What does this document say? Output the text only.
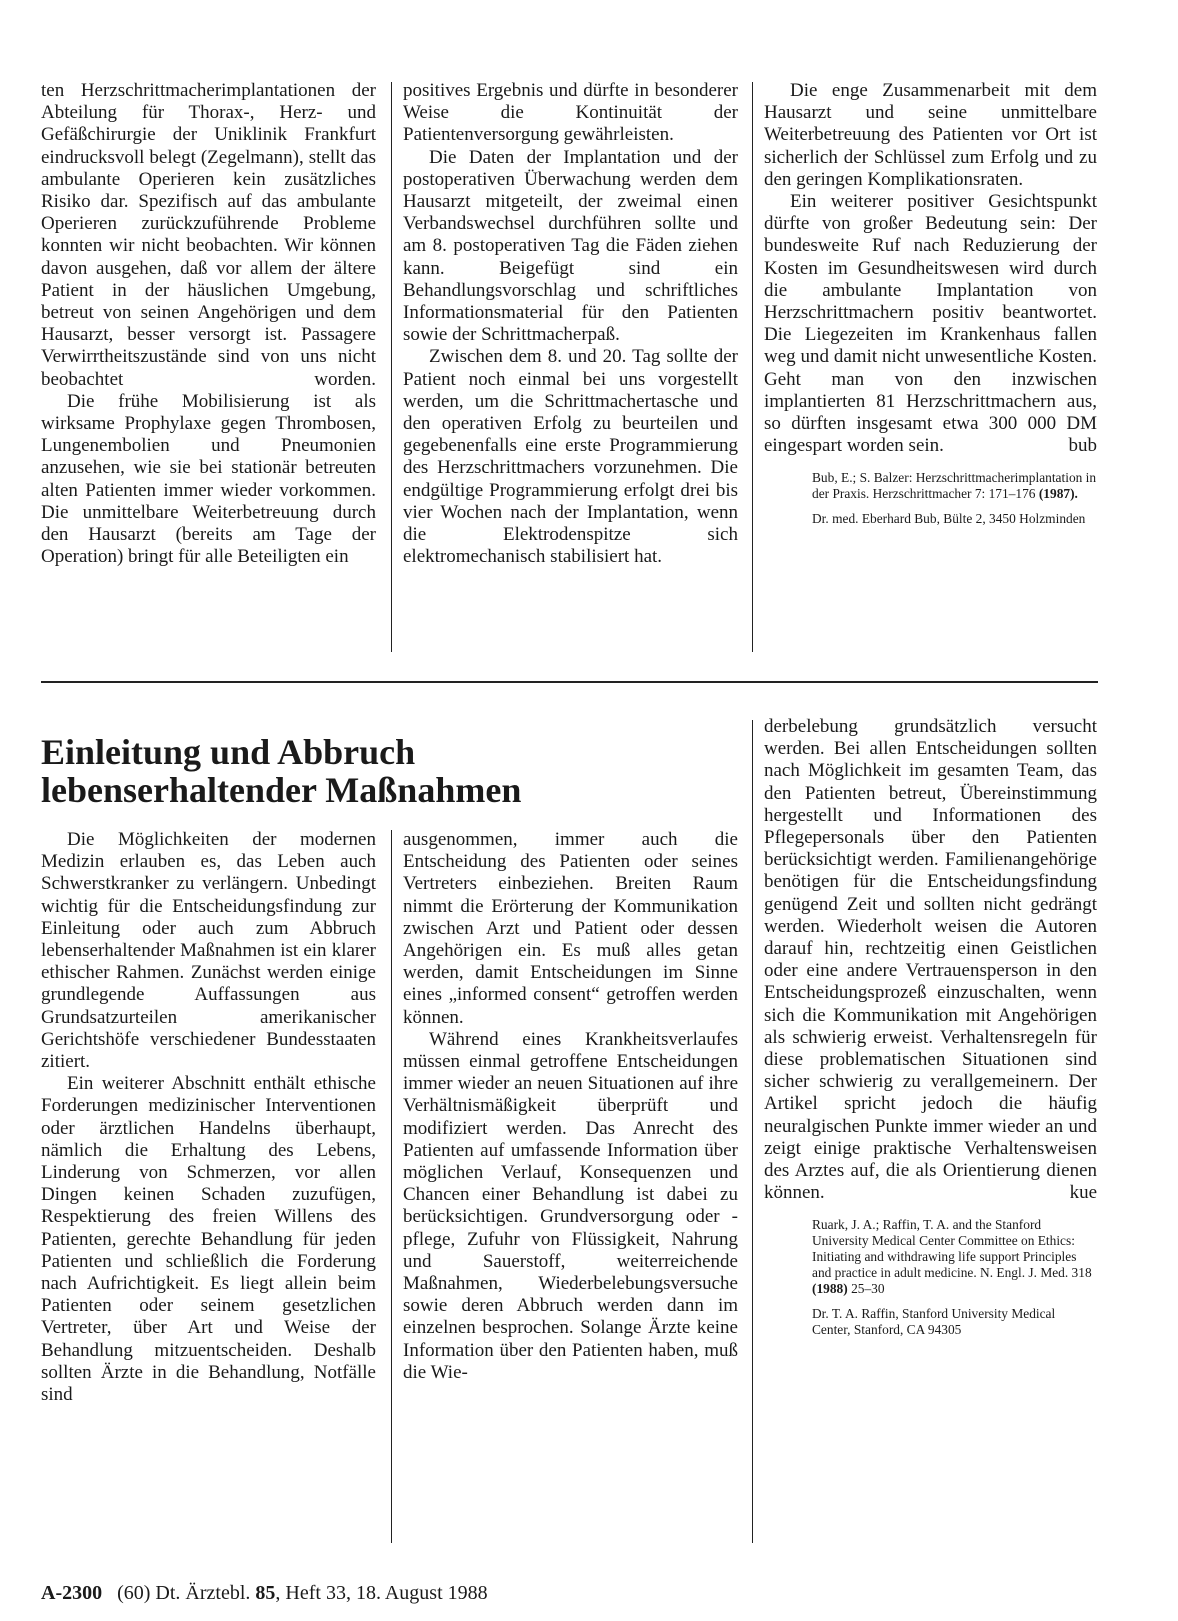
ten Herzschrittmacherimplantationen der Abteilung für Thorax-, Herz- und Gefäßchirurgie der Uniklinik Frankfurt eindrucksvoll belegt (Zegelmann), stellt das ambulante Operieren kein zusätzliches Risiko dar. Spezifisch auf das ambulante Operieren zurückzuführende Probleme konnten wir nicht beobachten. Wir können davon ausgehen, daß vor allem der ältere Patient in der häuslichen Umgebung, betreut von seinen Angehörigen und dem Hausarzt, besser versorgt ist. Passagere Verwirrtheitszustände sind von uns nicht beobachtet worden.

Die frühe Mobilisierung ist als wirksame Prophylaxe gegen Thrombosen, Lungenembolien und Pneumonien anzusehen, wie sie bei stationär betreuten alten Patienten immer wieder vorkommen. Die unmittelbare Weiterbetreuung durch den Hausarzt (bereits am Tage der Operation) bringt für alle Beteiligten ein

positives Ergebnis und dürfte in besonderer Weise die Kontinuität der Patientenversorgung gewährleisten.

Die Daten der Implantation und der postoperativen Überwachung werden dem Hausarzt mitgeteilt, der zweimal einen Verbandswechsel durchführen sollte und am 8. postoperativen Tag die Fäden ziehen kann. Beigefügt sind ein Behandlungsvorschlag und schriftliches Informationsmaterial für den Patienten sowie der Schrittmacherpaß.

Zwischen dem 8. und 20. Tag sollte der Patient noch einmal bei uns vorgestellt werden, um die Schrittmachertasche und den operativen Erfolg zu beurteilen und gegebenenfalls eine erste Programmierung des Herzschrittmachers vorzunehmen. Die endgültige Programmierung erfolgt drei bis vier Wochen nach der Implantation, wenn die Elektrodenspitze sich elektromechanisch stabilisiert hat.

Die enge Zusammenarbeit mit dem Hausarzt und seine unmittelbare Weiterbetreuung des Patienten vor Ort ist sicherlich der Schlüssel zum Erfolg und zu den geringen Komplikationsraten.

Ein weiterer positiver Gesichtspunkt dürfte von großer Bedeutung sein: Der bundesweite Ruf nach Reduzierung der Kosten im Gesundheitswesen wird durch die ambulante Implantation von Herzschrittmachern positiv beantwortet. Die Liegezeiten im Krankenhaus fallen weg und damit nicht unwesentliche Kosten. Geht man von den inzwischen implantierten 81 Herzschrittmachern aus, so dürften insgesamt etwa 300 000 DM eingespart worden sein.	bub

Bub, E.; S. Balzer: Herzschrittmacherimplantation in der Praxis. Herzschrittmacher 7: 171–176 (1987).

Dr. med. Eberhard Bub, Bülte 2, 3450 Holzminden

Einleitung und Abbruch
lebenserhaltender Maßnahmen

Die Möglichkeiten der modernen Medizin erlauben es, das Leben auch Schwerstkranker zu verlängern. Unbedingt wichtig für die Entscheidungsfindung zur Einleitung oder auch zum Abbruch lebenserhaltender Maßnahmen ist ein klarer ethischer Rahmen. Zunächst werden einige grundlegende Auffassungen aus Grundsatzurteilen amerikanischer Gerichtshöfe verschiedener Bundesstaaten zitiert.

Ein weiterer Abschnitt enthält ethische Forderungen medizinischer Interventionen oder ärztlichen Handelns überhaupt, nämlich die Erhaltung des Lebens, Linderung von Schmerzen, vor allen Dingen keinen Schaden zuzufügen, Respektierung des freien Willens des Patienten, gerechte Behandlung für jeden Patienten und schließlich die Forderung nach Aufrichtigkeit. Es liegt allein beim Patienten oder seinem gesetzlichen Vertreter, über Art und Weise der Behandlung mitzuentscheiden. Deshalb sollten Ärzte in die Behandlung, Notfälle sind

ausgenommen, immer auch die Entscheidung des Patienten oder seines Vertreters einbeziehen. Breiten Raum nimmt die Erörterung der Kommunikation zwischen Arzt und Patient oder dessen Angehörigen ein. Es muß alles getan werden, damit Entscheidungen im Sinne eines „informed consent“ getroffen werden können.

Während eines Krankheitsverlaufes müssen einmal getroffene Entscheidungen immer wieder an neuen Situationen auf ihre Verhältnismäßigkeit überprüft und modifiziert werden. Das Anrecht des Patienten auf umfassende Information über möglichen Verlauf, Konsequenzen und Chancen einer Behandlung ist dabei zu berücksichtigen. Grundversorgung oder -pflege, Zufuhr von Flüssigkeit, Nahrung und Sauerstoff, weiterreichende Maßnahmen, Wiederbelebungsversuche sowie deren Abbruch werden dann im einzelnen besprochen. Solange Ärzte keine Information über den Patienten haben, muß die Wie-

derbelebung grundsätzlich versucht werden. Bei allen Entscheidungen sollten nach Möglichkeit im gesamten Team, das den Patienten betreut, Übereinstimmung hergestellt und Informationen des Pflegepersonals über den Patienten berücksichtigt werden. Familienangehörige benötigen für die Entscheidungsfindung genügend Zeit und sollten nicht gedrängt werden. Wiederholt weisen die Autoren darauf hin, rechtzeitig einen Geistlichen oder eine andere Vertrauensperson in den Entscheidungsprozeß einzuschalten, wenn sich die Kommunikation mit Angehörigen als schwierig erweist. Verhaltensregeln für diese problematischen Situationen sind sicher schwierig zu verallgemeinern. Der Artikel spricht jedoch die häufig neuralgischen Punkte immer wieder an und zeigt einige praktische Verhaltensweisen des Arztes auf, die als Orientierung dienen können.	kue

Ruark, J. A.; Raffin, T. A. and the Stanford University Medical Center Committee on Ethics: Initiating and withdrawing life support Principles and practice in adult medicine. N. Engl. J. Med. 318 (1988) 25–30

Dr. T. A. Raffin, Stanford University Medical Center, Stanford, CA 94305

A-2300 (60) Dt. Ärztebl. 85, Heft 33, 18. August 1988
